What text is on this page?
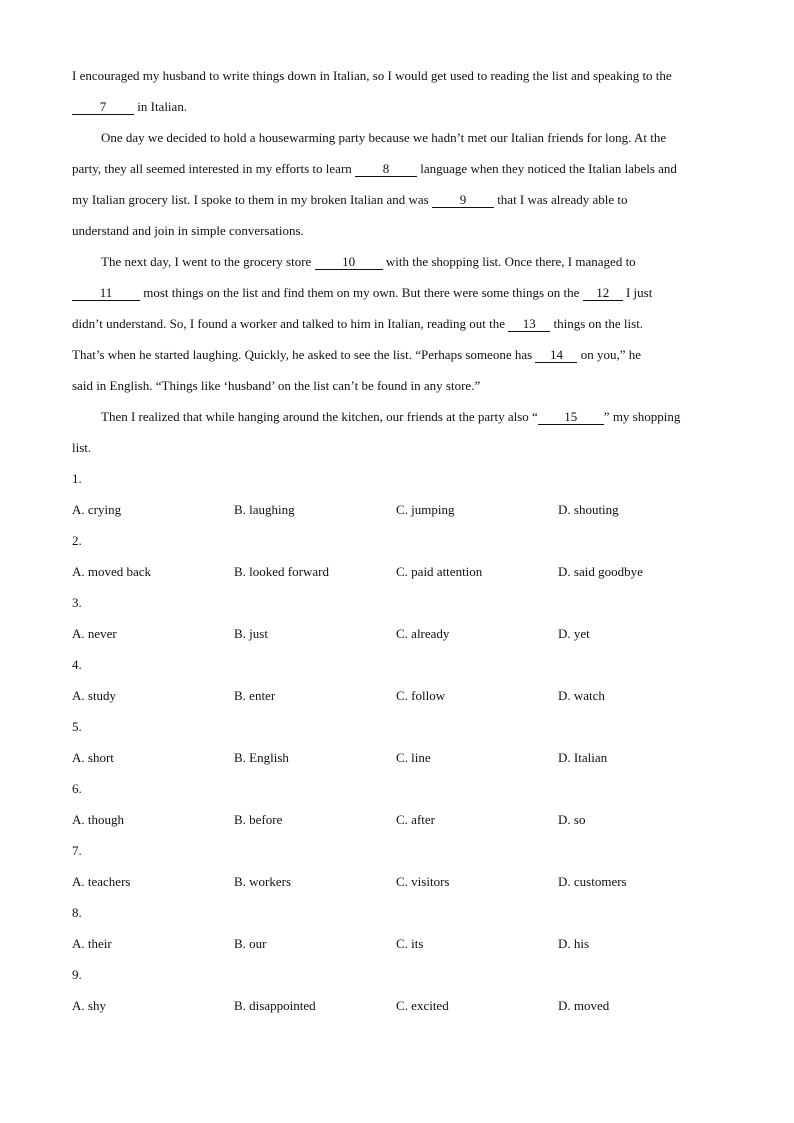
I encouraged my husband to write things down in Italian, so I would get used to reading the list and speaking to the
7 in Italian.
One day we decided to hold a housewarming party because we hadn’t met our Italian friends for long. At the
party, they all seemed interested in my efforts to learn 8 language when they noticed the Italian labels and
my Italian grocery list. I spoke to them in my broken Italian and was 9 that I was already able to
understand and join in simple conversations.
The next day, I went to the grocery store 10 with the shopping list. Once there, I managed to
11 most things on the list and find them on my own. But there were some things on the 12 I just
didn’t understand. So, I found a worker and talked to him in Italian, reading out the 13 things on the list.
That’s when he started laughing. Quickly, he asked to see the list. “Perhaps someone has 14 on you,” he
said in English. “Things like ‘husband’ on the list can’t be found in any store.”
Then I realized that while hanging around the kitchen, our friends at the party also “ 15 ” my shopping
list.
1.
A. crying	B. laughing	C. jumping	D. shouting
2.
A. moved back	B. looked forward	C. paid attention	D. said goodbye
3.
A. never	B. just	C. already	D. yet
4.
A. study	B. enter	C. follow	D. watch
5.
A. short	B. English	C. line	D. Italian
6.
A. though	B. before	C. after	D. so
7.
A. teachers	B. workers	C. visitors	D. customers
8.
A. their	B. our	C. its	D. his
9.
A. shy	B. disappointed	C. excited	D. moved
